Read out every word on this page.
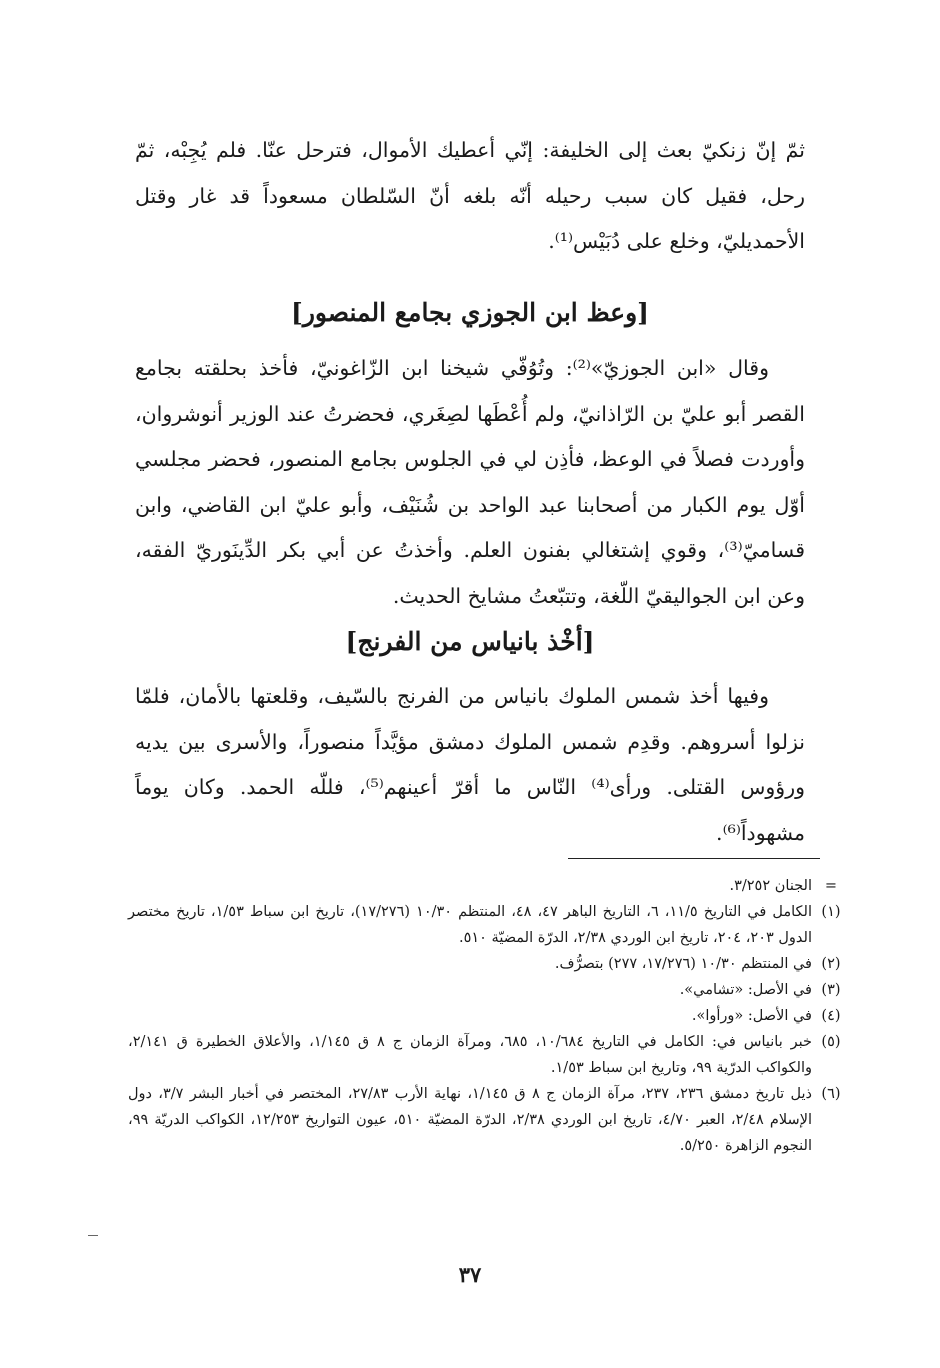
ثمّ إنّ زنكيّ بعث إلى الخليفة: إنّي أعطيك الأموال، فترحل عنّا. فلم يُجِبْه، ثمّ رحل، فقيل كان سبب رحيله أنّه بلغه أنّ السّلطان مسعوداً قد غار وقتل الأحمديليّ، وخلع على دُبَيْس⁽¹⁾.

[وعظ ابن الجوزي بجامع المنصور]

وقال «ابن الجوزيّ»⁽²⁾: وتُوُفّي شيخنا ابن الزّاغونيّ، فأخذ بحلقته بجامع القصر أبو عليّ بن الرّاذانيّ، ولم أُعْطَها لصِغَري، فحضرتُ عند الوزير أنوشروان، وأوردت فصلاً في الوعظ، فأذِن لي في الجلوس بجامع المنصور، فحضر مجلسي أوّل يوم الكبار من أصحابنا عبد الواحد بن شُنَيْف، وأبو عليّ ابن القاضي، وابن قساميّ⁽³⁾، وقوي إشتغالي بفنون العلم. وأخذتُ عن أبي بكر الدِّينَوريّ الفقه، وعن ابن الجواليقيّ اللّغة، وتتبّعتُ مشايخ الحديث.

[أخْذ بانياس من الفرنج]

وفيها أخذ شمس الملوك بانياس من الفرنج بالسّيف، وقلعتها بالأمان، فلمّا نزلوا أسروهم. وقدِم شمس الملوك دمشق مؤيَّداً منصوراً، والأسرى بين يديه ورؤوس القتلى. ورأى⁽⁴⁾ النّاس ما أقرّ أعينهم⁽⁵⁾، فللّه الحمد. وكان يوماً مشهوداً⁽⁶⁾.

=
الجنان ٣/٢٥٢.
(١)
الكامل في التاريخ ١١/٥، ٦، التاريخ الباهر ٤٧، ٤٨، المنتظم ١٠/٣٠ (١٧/٢٧٦)، تاريخ ابن سباط ١/٥٣، تاريخ مختصر الدول ٢٠٣، ٢٠٤، تاريخ ابن الوردي ٢/٣٨، الدرّة المضيّة ٥١٠.
(٢)
في المنتظم ١٠/٣٠ (١٧/٢٧٦، ٢٧٧) بتصرُّف.
(٣)
في الأصل: «تشامي».
(٤)
في الأصل: «ورأوا».
(٥)
خبر بانياس في: الكامل في التاريخ ١٠/٦٨٤، ٦٨٥، ومرآة الزمان ج ٨ ق ١/١٤٥، والأعلاق الخطيرة ق ٢/١٤١، والكواكب الدرّية ٩٩، وتاريخ ابن سباط ١/٥٣.
(٦)
ذيل تاريخ دمشق ٢٣٦، ٢٣٧، مرآة الزمان ج ٨ ق ١/١٤٥، نهاية الأرب ٢٧/٨٣، المختصر في أخبار البشر ٣/٧، دول الإسلام ٢/٤٨، العبر ٤/٧٠، تاريخ ابن الوردي ٢/٣٨، الدرّة المضيّة ٥١٠، عيون التواريخ ١٢/٢٥٣، الكواكب الدريّة ٩٩، النجوم الزاهرة ٥/٢٥٠.
٣٧
